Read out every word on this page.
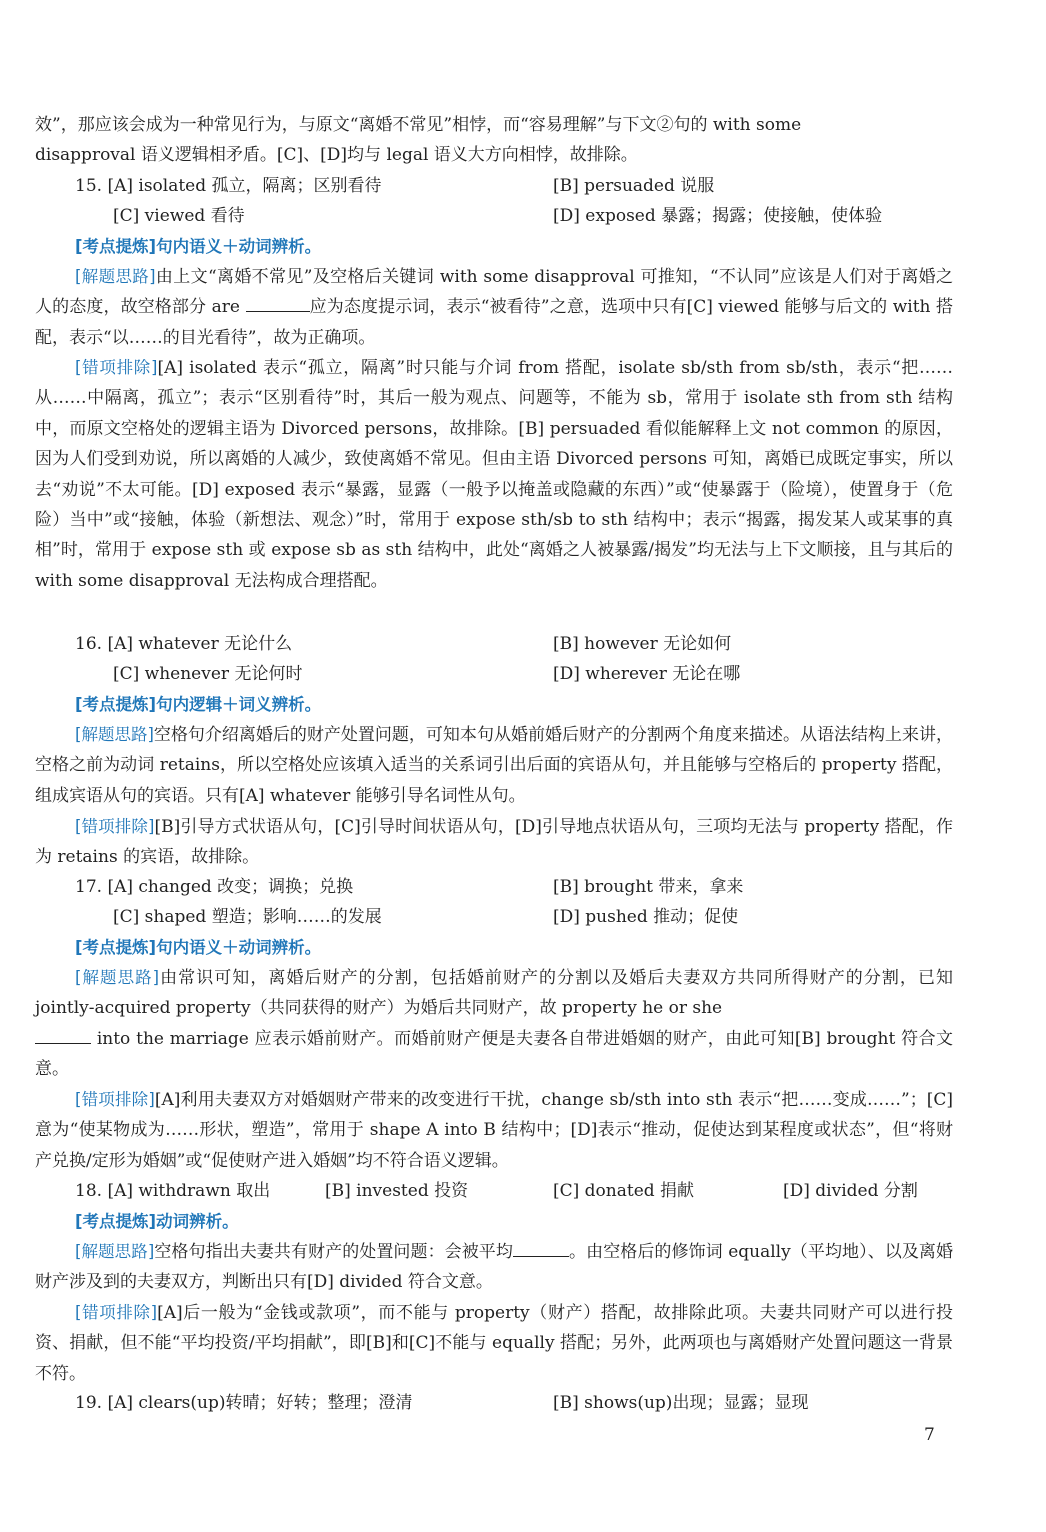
效”，那应该会成为一种常见行为，与原文“离婚不常见”相悖，而“容易理解”与下文②句的 with some
disapproval 语义逻辑相矛盾。[C]、[D]均与 legal 语义大方向相悖，故排除。

15. [A] isolated 孤立，隔离；区别看待	[B] persuaded 说服
[C] viewed 看待	[D] exposed 暴露；揭露；使接触，使体验
[考点提炼]句内语义＋动词辨析。

[解题思路]由上文“离婚不常见”及空格后关键词 with some disapproval 可推知，“不认同”应该是人们对于离婚之人的态度，故空格部分 are	应为态度提示词，表示“被看待”之意，选项中只有[C] viewed 能够与后文的 with 搭配，表示“以……的目光看待”，故为正确项。

[错项排除][A] isolated 表示“孤立，隔离”时只能与介词 from 搭配，isolate sb/sth from sb/sth，表示“把……从……中隔离，孤立”；表示“区别看待”时，其后一般为观点、问题等，不能为 sb，常用于 isolate sth from sth 结构中，而原文空格处的逻辑主语为 Divorced persons，故排除。[B] persuaded 看似能解释上文 not common 的原因，因为人们受到劝说，所以离婚的人减少，致使离婚不常见。但由主语 Divorced persons 可知，离婚已成既定事实，所以去“劝说”不太可能。[D] exposed 表示“暴露，显露（一般予以掩盖或隐藏的东西）”或“使暴露于（险境），使置身于（危险）当中”或“接触，体验（新想法、观念）”时，常用于 expose sth/sb to sth 结构中；表示“揭露，揭发某人或某事的真相”时，常用于 expose sth 或 expose sb as sth 结构中，此处“离婚之人被暴露/揭发”均无法与上下文顺接，且与其后的 with some disapproval 无法构成合理搭配。

16. [A] whatever 无论什么	[B] however 无论如何
[C] whenever 无论何时	[D] wherever 无论在哪
[考点提炼]句内逻辑＋词义辨析。

[解题思路]空格句介绍离婚后的财产处置问题，可知本句从婚前婚后财产的分割两个角度来描述。从语法结构上来讲，空格之前为动词 retains，所以空格处应该填入适当的关系词引出后面的宾语从句，并且能够与空格后的 property 搭配，组成宾语从句的宾语。只有[A] whatever 能够引导名词性从句。

[错项排除][B]引导方式状语从句，[C]引导时间状语从句，[D]引导地点状语从句，三项均无法与 property 搭配，作为 retains 的宾语，故排除。

17. [A] changed 改变；调换；兑换	[B] brought 带来，拿来
[C] shaped 塑造；影响……的发展	[D] pushed 推动；促使
[考点提炼]句内语义＋动词辨析。

[解题思路]由常识可知，离婚后财产的分割，包括婚前财产的分割以及婚后夫妻双方共同所得财产的分割，已知 jointly-acquired property（共同获得的财产）为婚后共同财产，故 property he or she
into the marriage 应表示婚前财产。而婚前财产便是夫妻各自带进婚姻的财产，由此可知[B] brought 符合文意。

[错项排除][A]利用夫妻双方对婚姻财产带来的改变进行干扰，change sb/sth into sth 表示“把……变成……”；[C]意为“使某物成为……形状，塑造”，常用于 shape A into B 结构中；[D]表示“推动，促使达到某程度或状态”，但“将财产兑换/定形为婚姻”或“促使财产进入婚姻”均不符合语义逻辑。

18. [A] withdrawn 取出	[B] invested 投资	[C] donated 捐献	[D] divided 分割
[考点提炼]动词辨析。

[解题思路]空格句指出夫妻共有财产的处置问题：会被平均	。由空格后的修饰词 equally（平均地）、以及离婚财产涉及到的夫妻双方，判断出只有[D] divided 符合文意。

[错项排除][A]后一般为“金钱或款项”，而不能与 property（财产）搭配，故排除此项。夫妻共同财产可以进行投资、捐献，但不能“平均投资/平均捐献”，即[B]和[C]不能与 equally 搭配；另外，此两项也与离婚财产处置问题这一背景不符。

19. [A] clears(up)转晴；好转；整理；澄清	[B] shows(up)出现；显露；显现
7
